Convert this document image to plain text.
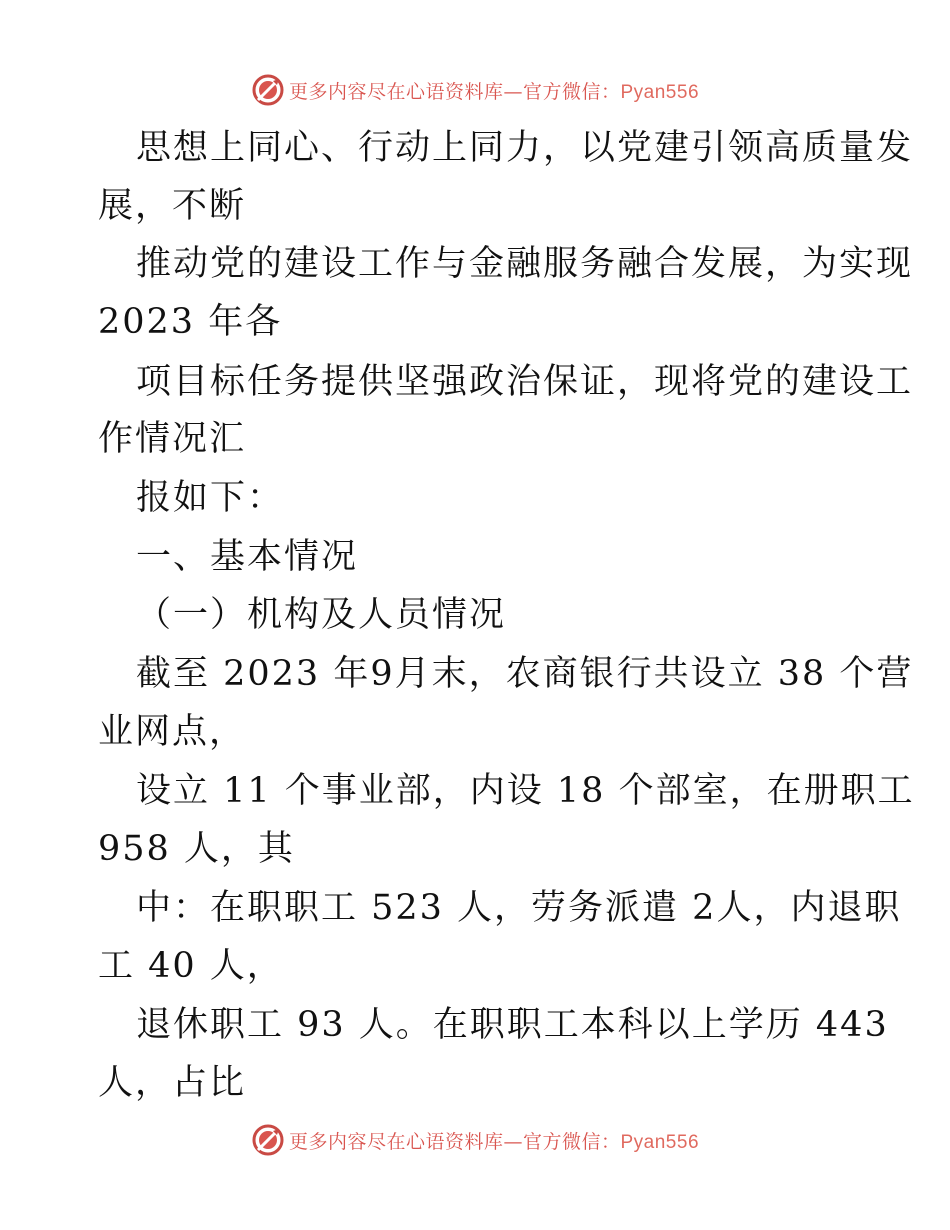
更多内容尽在心语资料库—官方微信：Pyan556
思想上同心、行动上同力，以党建引领高质量发
展，不断
推动党的建设工作与金融服务融合发展，为实现
2023 年各
项目标任务提供坚强政治保证，现将党的建设工
作情况汇
报如下：
一、基本情况
（一）机构及人员情况
截至 2023 年9月末，农商银行共设立 38 个营
业网点，
设立 11 个事业部，内设 18 个部室，在册职工
958 人，其
中：在职职工 523 人，劳务派遣 2人，内退职
工 40 人，
退休职工 93 人。在职职工本科以上学历 443
人，占比
更多内容尽在心语资料库—官方微信：Pyan556
